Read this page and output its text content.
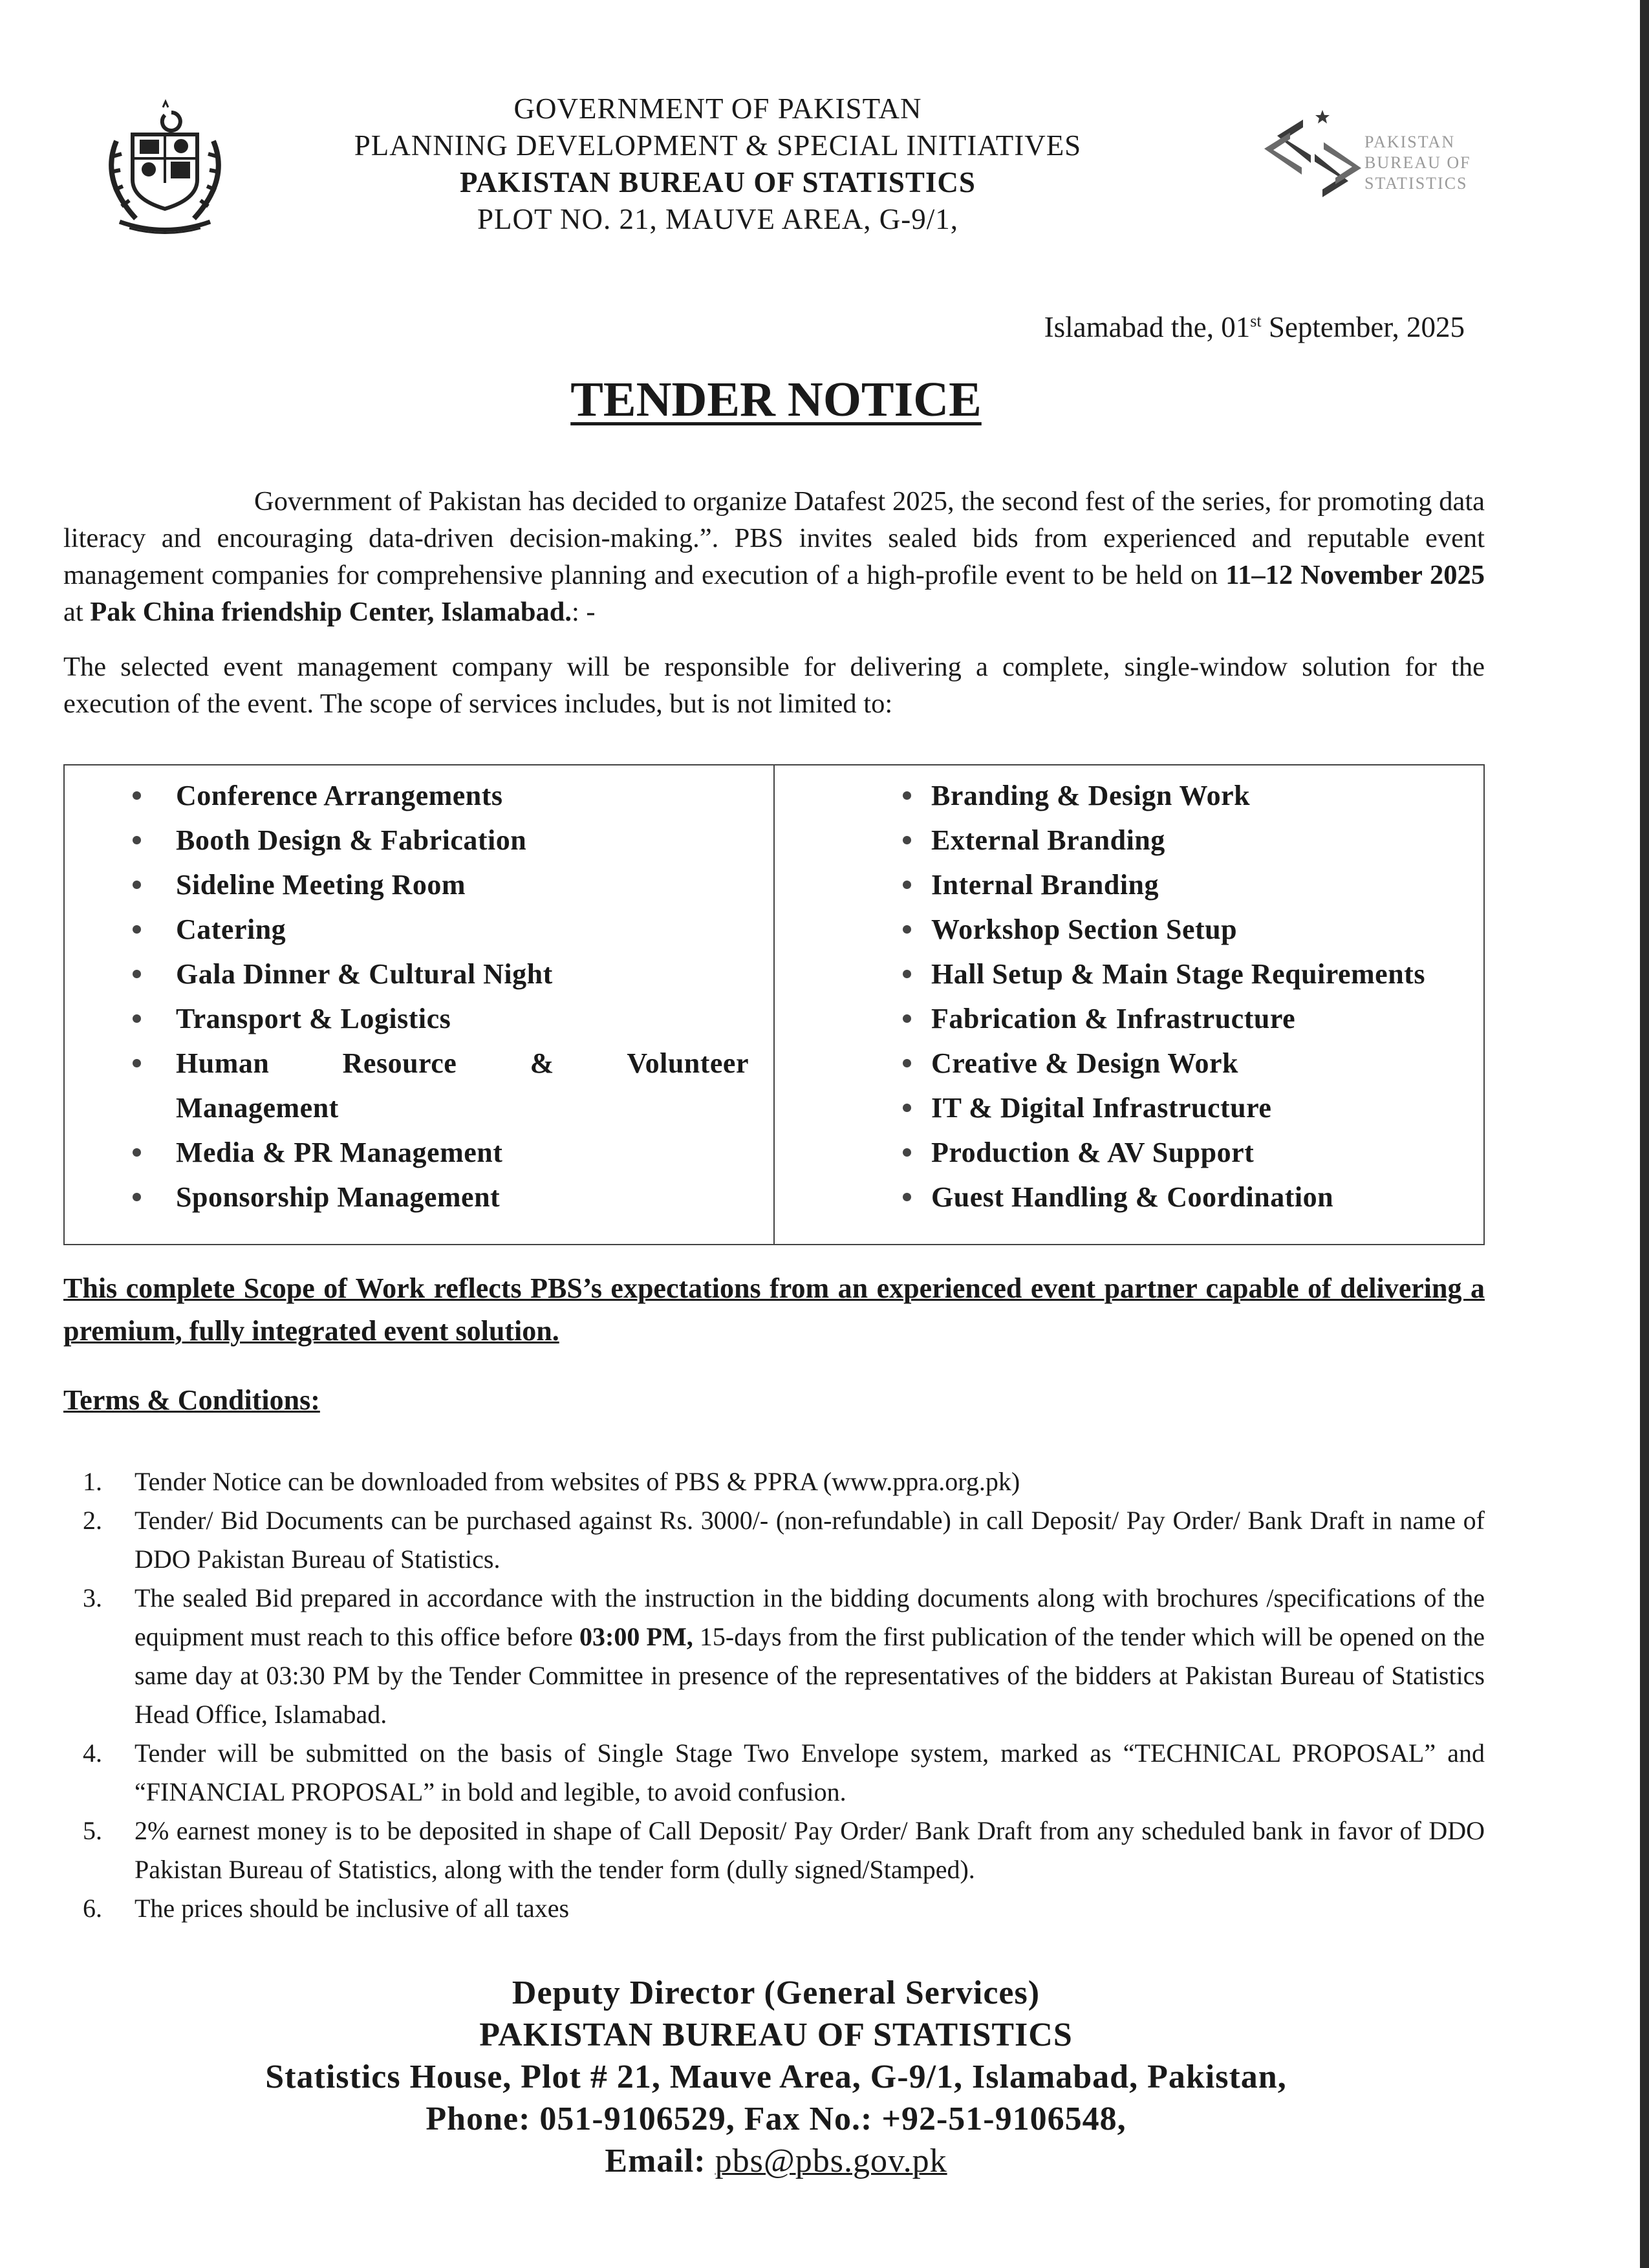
GOVERNMENT OF PAKISTAN
PLANNING DEVELOPMENT & SPECIAL INITIATIVES
PAKISTAN BUREAU OF STATISTICS
PLOT NO. 21, MAUVE AREA, G-9/1,
PAKISTAN
BUREAU OF
STATISTICS
Islamabad the, 01st September, 2025
TENDER NOTICE
Government of Pakistan has decided to organize Datafest 2025, the second fest of the series, for promoting data literacy and encouraging data-driven decision-making.”. PBS invites sealed bids from experienced and reputable event management companies for comprehensive planning and execution of a high-profile event to be held on 11–12 November 2025 at Pak China friendship Center, Islamabad.: -
The selected event management company will be responsible for delivering a complete, single-window solution for the execution of the event. The scope of services includes, but is not limited to:
Conference Arrangements
Booth Design & Fabrication
Sideline Meeting Room
Catering
Gala Dinner & Cultural Night
Transport & Logistics
Human Resource & Volunteer
Management
Media & PR Management
Sponsorship Management
Branding & Design Work
External Branding
Internal Branding
Workshop Section Setup
Hall Setup & Main Stage Requirements
Fabrication & Infrastructure
Creative & Design Work
IT & Digital Infrastructure
Production & AV Support
Guest Handling & Coordination
This complete Scope of Work reflects PBS’s expectations from an experienced event partner capable of delivering a premium, fully integrated event solution.
Terms & Conditions:
1. Tender Notice can be downloaded from websites of PBS & PPRA (www.ppra.org.pk)
2. Tender/ Bid Documents can be purchased against Rs. 3000/- (non-refundable) in call Deposit/ Pay Order/ Bank Draft in name of DDO Pakistan Bureau of Statistics.
3. The sealed Bid prepared in accordance with the instruction in the bidding documents along with brochures /specifications of the equipment must reach to this office before 03:00 PM, 15-days from the first publication of the tender which will be opened on the same day at 03:30 PM by the Tender Committee in presence of the representatives of the bidders at Pakistan Bureau of Statistics Head Office, Islamabad.
4. Tender will be submitted on the basis of Single Stage Two Envelope system, marked as “TECHNICAL PROPOSAL” and “FINANCIAL PROPOSAL” in bold and legible, to avoid confusion.
5. 2% earnest money is to be deposited in shape of Call Deposit/ Pay Order/ Bank Draft from any scheduled bank in favor of DDO Pakistan Bureau of Statistics, along with the tender form (dully signed/Stamped).
6. The prices should be inclusive of all taxes
Deputy Director (General Services)
PAKISTAN BUREAU OF STATISTICS
Statistics House, Plot # 21, Mauve Area, G-9/1, Islamabad, Pakistan,
Phone: 051-9106529, Fax No.: +92-51-9106548,
Email: pbs@pbs.gov.pk
